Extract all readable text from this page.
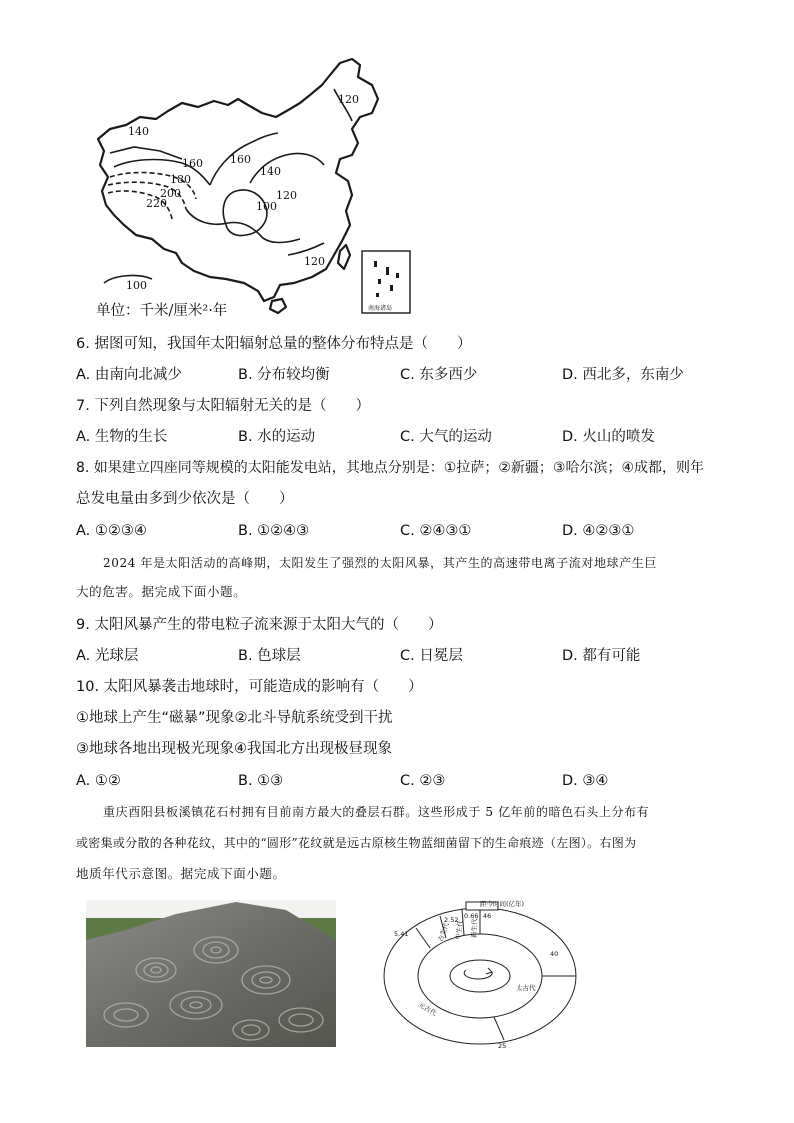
140
160
180
200
220
160
140
120
100
120
120
100
南海诸岛
单位：千米/厘米²·年
6. 据图可知，我国年太阳辐射总量的整体分布特点是（　　）
A. 由南向北减少	B. 分布较均衡	C. 东多西少	D. 西北多，东南少
7. 下列自然现象与太阳辐射无关的是（　　）
A. 生物的生长	B. 水的运动	C. 大气的运动	D. 火山的喷发
8. 如果建立四座同等规模的太阳能发电站，其地点分别是：①拉萨；②新疆；③哈尔滨；④成都，则年
总发电量由多到少依次是（　　）
A. ①②③④	B. ①②④③	C. ②④③①	D. ④②③①
2024 年是太阳活动的高峰期，太阳发生了强烈的太阳风暴，其产生的高速带电离子流对地球产生巨
大的危害。据完成下面小题。
9. 太阳风暴产生的带电粒子流来源于太阳大气的（　　）
A. 光球层	B. 色球层	C. 日冕层	D. 都有可能
10. 太阳风暴袭击地球时，可能造成的影响有（　　）
①地球上产生“磁暴”现象②北斗导航系统受到干扰
③地球各地出现极光现象④我国北方出现极昼现象
A. ①②	B. ①③	C. ②③	D. ③④
重庆酉阳县板溪镇花石村拥有目前南方最大的叠层石群。这些形成于 5 亿年前的暗色石头上分布有
或密集或分散的各种花纹，其中的“圆形”花纹就是远古原核生物蓝细菌留下的生命痕迹（左图）。右图为
地质年代示意图。据完成下面小题。
距今时间(亿年)
5.41
2.52 0.66 46
40
25
古生代 中生代 新生代
太古代
元古代
